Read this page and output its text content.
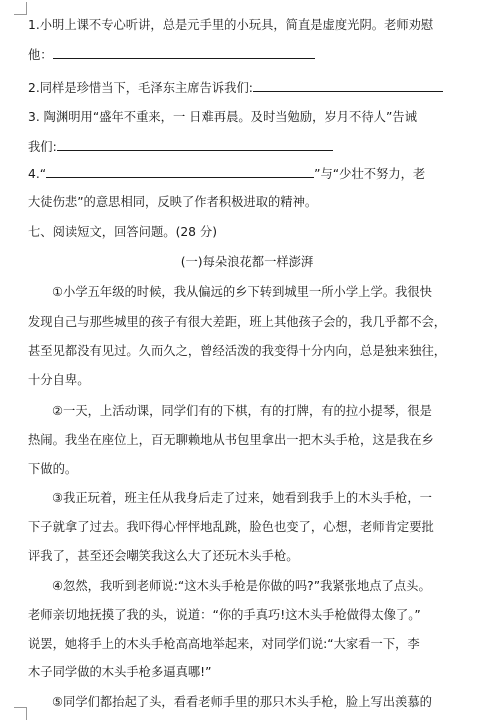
1.小明上课不专心听讲，总是元手里的小玩具，简直是虚度光阴。老师劝慰
他：
2.同样是珍惜当下，毛泽东主席告诉我们:
3. 陶渊明用“盛年不重来，一 日难再晨。及时当勉励，岁月不待人”告诫
我们:
4.“	”与“少壮不努力，老
大徒伤悲”的意思相同，反映了作者积极进取的精神。
七、阅读短文，回答问题。(28 分)
(一)每朵浪花都一样澎湃
①小学五年级的时候，我从偏远的乡下转到城里一所小学上学。我很快
发现自己与那些城里的孩子有很大差距，班上其他孩子会的，我几乎都不会，
甚至见都没有见过。久而久之，曾经活泼的我变得十分内向，总是独来独往，
十分自卑。
②一天，上活动课，同学们有的下棋，有的打牌，有的拉小提琴，很是
热闹。我坐在座位上，百无聊赖地从书包里拿出一把木头手枪，这是我在乡
下做的。
③我正玩着，班主任从我身后走了过来，她看到我手上的木头手枪，一
下子就拿了过去。我吓得心怦怦地乱跳，脸色也变了，心想，老师肯定要批
评我了，甚至还会嘲笑我这么大了还玩木头手枪。
④忽然，我听到老师说:“这木头手枪是你做的吗?”我紧张地点了点头。
老师亲切地抚摸了我的头，说道：“你的手真巧!这木头手枪做得太像了。”
说罢，她将手上的木头手枪高高地举起来，对同学们说:“大家看一下，李
木子同学做的木头手枪多逼真哪!”
⑤同学们都抬起了头，看看老师手里的那只木头手枪，脸上写出羡慕的
